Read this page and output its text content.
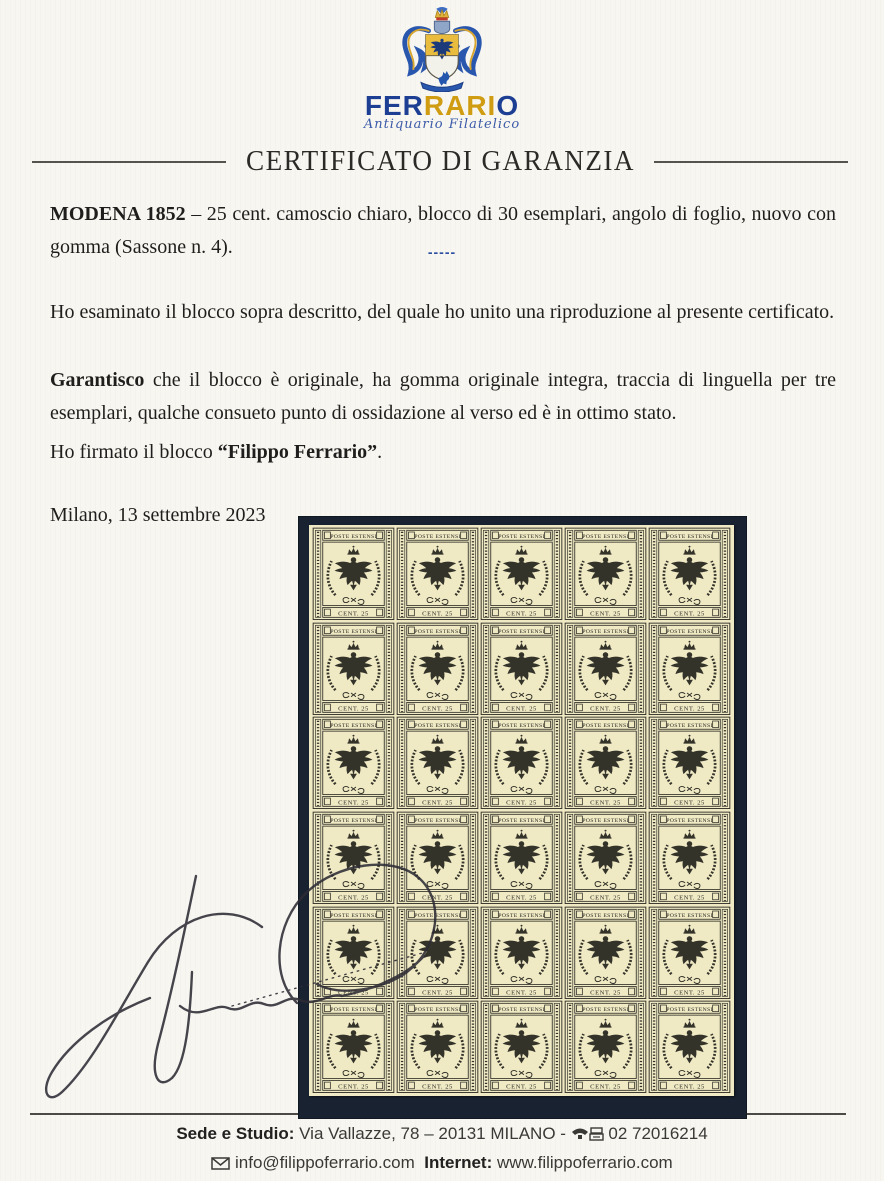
FERRARIO
Antiquario Filatelico
CERTIFICATO DI GARANZIA
MODENA 1852 – 25 cent. camoscio chiaro, blocco di 30 esemplari, angolo di foglio, nuovo con gomma (Sassone n. 4).	-----
Ho esaminato il blocco sopra descritto, del quale ho unito una riproduzione al presente certificato.
Garantisco che il blocco è originale, ha gomma originale integra, traccia di linguella per tre esemplari, qualche consueto punto di ossidazione al verso ed è in ottimo stato.
Ho firmato il blocco “Filippo Ferrario”.
Milano, 13 settembre 2023
Sede e Studio: Via Vallazze, 78 – 20131 MILANO -  02 72016214
info@filippoferrario.com Internet: www.filippoferrario.com
